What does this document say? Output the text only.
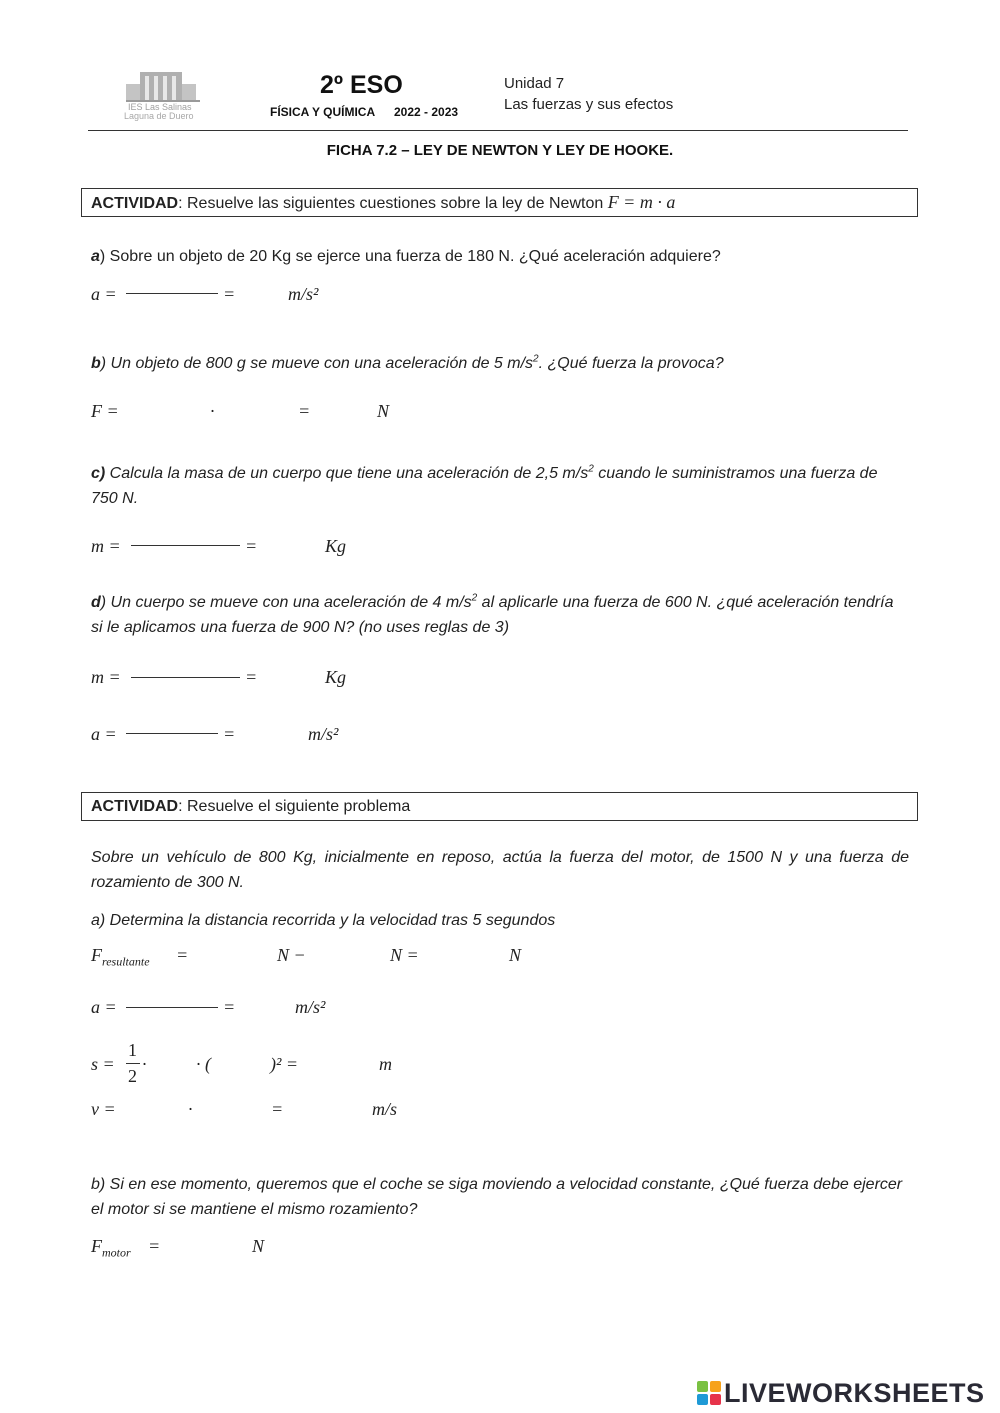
IES Las Salinas
Laguna de Duero
2º ESO
FÍSICA Y QUÍMICA 2022 - 2023
Unidad 7
Las fuerzas y sus efectos
FICHA 7.2 – LEY DE NEWTON Y LEY DE HOOKE.
ACTIVIDAD: Resuelve las siguientes cuestiones sobre la ley de Newton F = m · a
a) Sobre un objeto de 20 Kg se ejerce una fuerza de 180 N. ¿Qué aceleración adquiere?
a =	=	m/s²
b) Un objeto de 800 g se mueve con una aceleración de 5 $m/s^2$. ¿Qué fuerza la provoca?
F =	·	=	N
c) Calcula la masa de un cuerpo que tiene una aceleración de 2,5 $m/s^2$ cuando le suministramos una fuerza de
750 N.
m =	=	Kg
d) Un cuerpo se mueve con una aceleración de 4 $m/s^2$ al aplicarle una fuerza de 600 N. ¿qué aceleración tendría
si le aplicamos una fuerza de 900 N? (no uses reglas de 3)
m =	=	Kg
a =	=	m/s²
ACTIVIDAD: Resuelve el siguiente problema
Sobre un vehículo de 800 Kg, inicialmente en reposo, actúa la fuerza del motor, de 1500 N y una fuerza de
rozamiento de 300 N.
a) Determina la distancia recorrida y la velocidad tras 5 segundos
$F_{resultante}$ =	N −	N =	N
a =	=	m/s²
s =
1
2
·	· (	)² =	m
v =	·	=	m/s
b) Si en ese momento, queremos que el coche se siga moviendo a velocidad constante, ¿Qué fuerza debe ejercer
el motor si se mantiene el mismo rozamiento?
$F_{motor}$ =	N
LIVEWORKSHEETS
